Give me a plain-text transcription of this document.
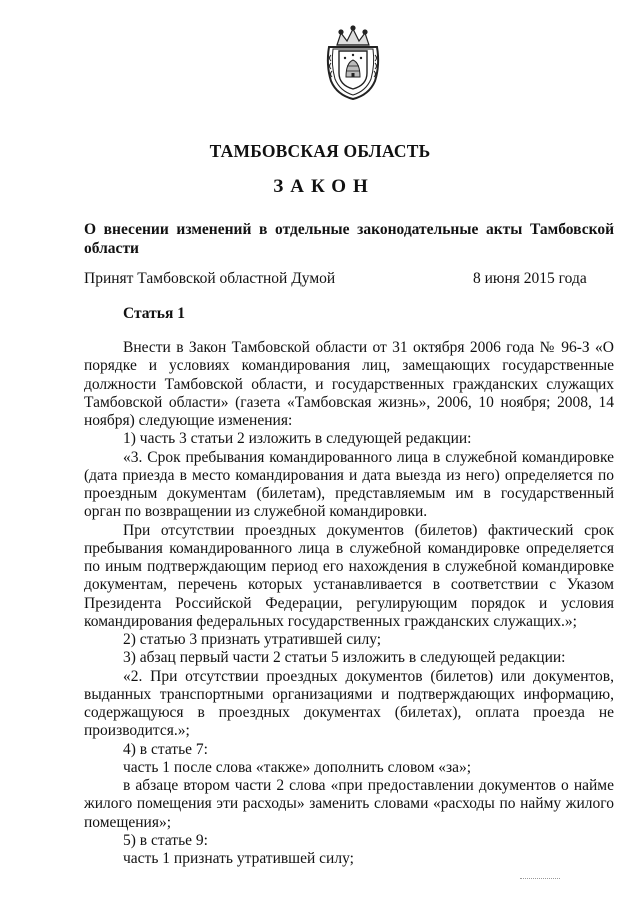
ТАМБОВСКАЯ ОБЛАСТЬ
ЗАКОН
О внесении изменений в отдельные законодательные акты Тамбовской области
Принят Тамбовской областной Думой	8 июня 2015 года
Статья 1

Внести в Закон Тамбовской области от 31 октября 2006 года № 96-З «О порядке и условиях командирования лиц, замещающих государственные должности Тамбовской области, и государственных гражданских служащих Тамбовской области» (газета «Тамбовская жизнь», 2006, 10 ноября; 2008, 14 ноября) следующие изменения:

1) часть 3 статьи 2 изложить в следующей редакции:

«3. Срок пребывания командированного лица в служебной командировке (дата приезда в место командирования и дата выезда из него) определяется по проездным документам (билетам), представляемым им в государственный орган по возвращении из служебной командировки.

При отсутствии проездных документов (билетов) фактический срок пребывания командированного лица в служебной командировке определяется по иным подтверждающим период его нахождения в служебной командировке документам, перечень которых устанавливается в соответствии с Указом Президента Российской Федерации, регулирующим порядок и условия командирования федеральных государственных гражданских служащих.»;

2) статью 3 признать утратившей силу;

3) абзац первый части 2 статьи 5 изложить в следующей редакции:

«2. При отсутствии проездных документов (билетов) или документов, выданных транспортными организациями и подтверждающих информацию, содержащуюся в проездных документах (билетах), оплата проезда не производится.»;

4) в статье 7:

часть 1 после слова «также» дополнить словом «за»;

в абзаце втором части 2 слова «при предоставлении документов о найме жилого помещения эти расходы» заменить словами «расходы по найму жилого помещения»;

5) в статье 9:

часть 1 признать утратившей силу;
